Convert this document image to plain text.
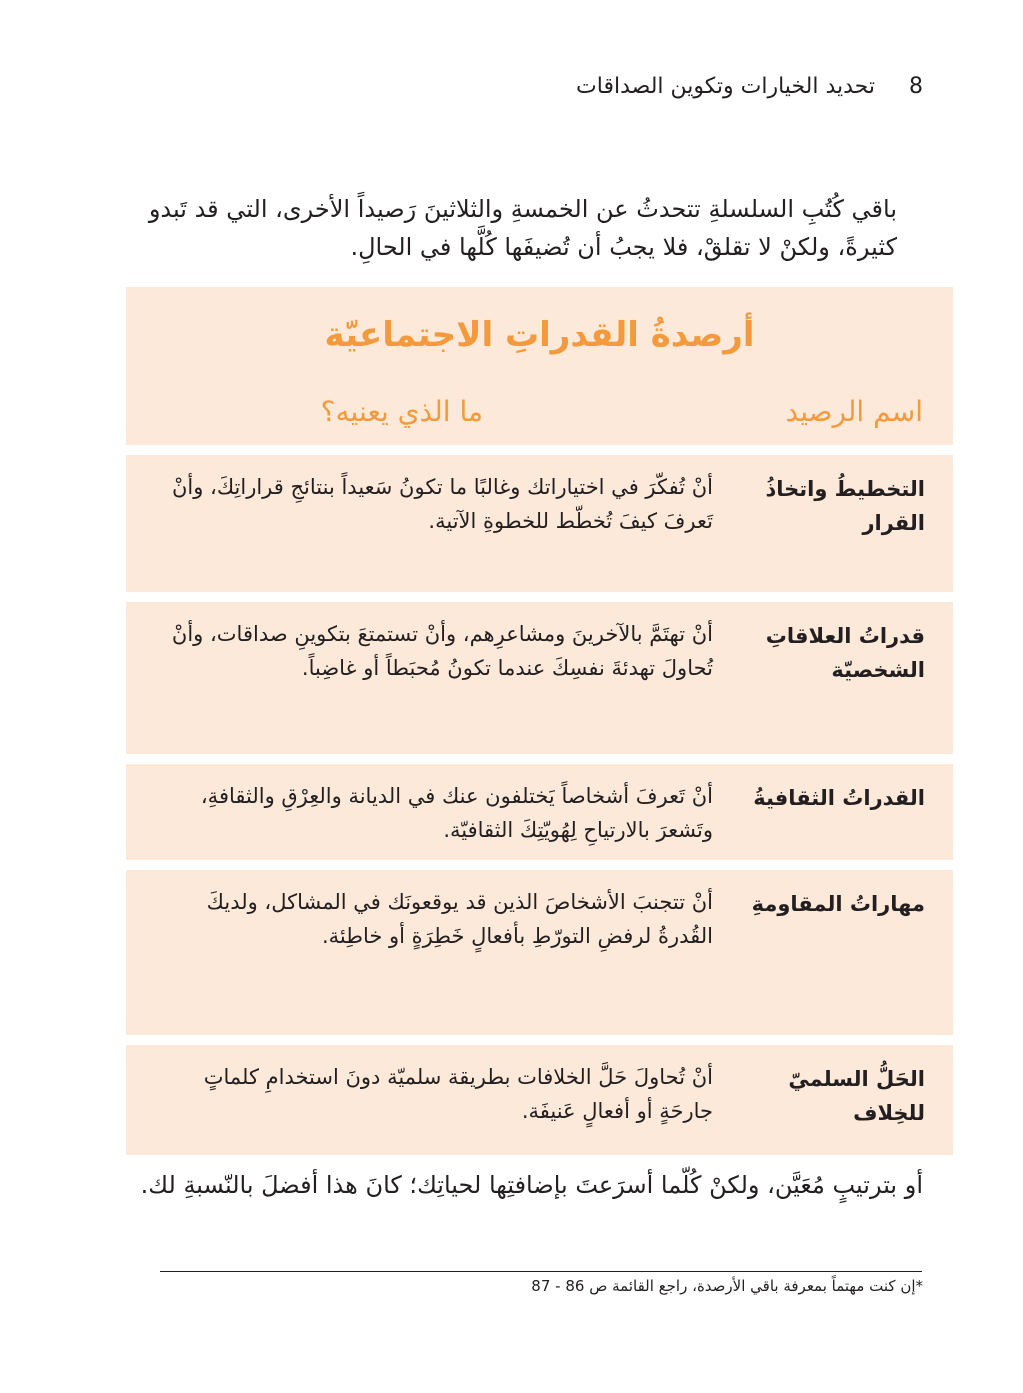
8
تحديد الخيارات وتكوين الصداقات
باقي كُتُبِ السلسلةِ تتحدثُ عن الخمسةِ والثلاثينَ رَصيداً الأخرى، التي قد تَبدو كثيرةً، ولكنْ لا تقلقْ، فلا يجبُ أن تُضيفَها كُلَّها في الحالِ.
أرصدةُ القدراتِ الاجتماعيّة
اسم الرصيد
ما الذي يعنيه؟
التخطيطُ واتخاذُ القرار
أنْ تُفكّرَ في اختياراتك وغالبًا ما تكونُ سَعيداً بنتائجِ قراراتِكَ، وأنْ تَعرفَ كيفَ تُخطّط للخطوةِ الآتية.
قدراتُ العلاقاتِ الشخصيّة
أنْ تهتَمَّ بالآخرينَ ومشاعرِهم، وأنْ تستمتعَ بتكوينِ صداقات، وأنْ تُحاولَ تهدئةَ نفسِكَ عندما تكونُ مُحبَطاً أو غاضِباً.
القدراتُ الثقافيةُ
أنْ تَعرفَ أشخاصاً يَختلفون عنك في الديانة والعِرْقِ والثقافةِ، وتَشعرَ بالارتياحِ لِهُويّتِكَ الثقافيّة.
مهاراتُ المقاومةِ
أنْ تتجنبَ الأشخاصَ الذين قد يوقعونَك في المشاكل، ولديكَ القُدرةُ لرفضِ التورّطِ بأفعالٍ خَطِرَةٍ أو خاطِئة.
الحَلُّ السلميّ للخِلاف
أنْ تُحاولَ حَلَّ الخلافات بطريقة سلميّة دونَ استخدامِ كلماتٍ جارحَةٍ أو أفعالٍ عَنيفَة.
أو بترتيبٍ مُعَيَّن، ولكنْ كُلّما أسرَعتَ بإضافتِها لحياتِك؛ كانَ هذا أفضلَ بالنّسبةِ لك.
*إن كنت مهتماً بمعرفة باقي الأرصدة، راجع القائمة ص 86 - 87
